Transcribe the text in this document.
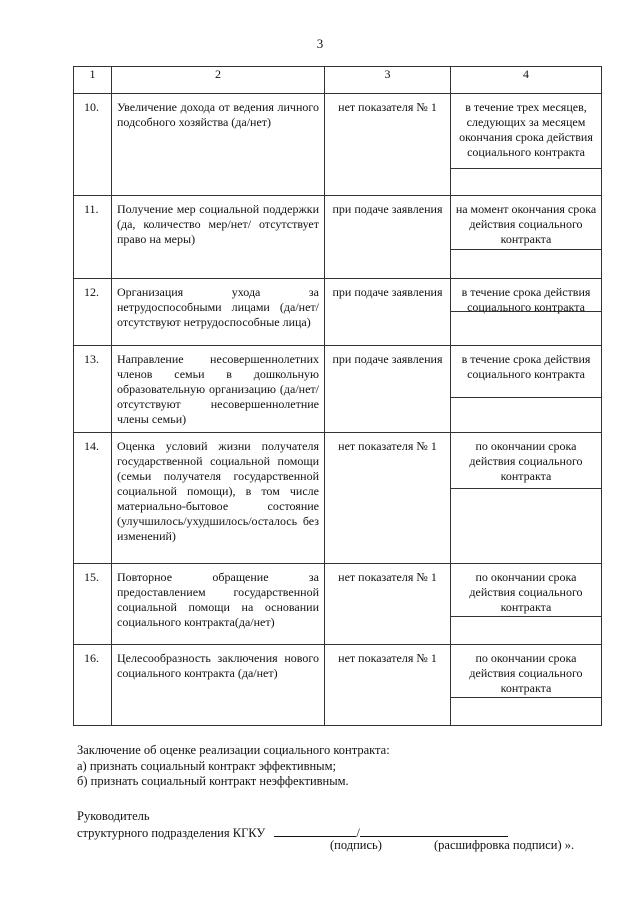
3
1	2	3	4
10.	Увеличение дохода от ведения личного подсобного хозяйства (да/нет)	нет показателя № 1	в течение трех месяцев, следующих за месяцем окончания срока действия социального контракта

11.	Получение мер социальной поддержки (да, количество мер/нет/ отсутствует право на меры)	при подаче заявления	на момент окончания срока действия социального контракта

12.	Организация ухода за нетрудоспособными лицами (да/нет/ отсутствуют нетрудоспособные лица)	при подаче заявления	в течение срока действия социального контракта

13.	Направление несовершеннолетних членов семьи в дошкольную образовательную организацию (да/нет/отсутствуют несовершеннолетние члены семьи)	при подаче заявления	в течение срока действия социального контракта

14.	Оценка условий жизни получателя государственной социальной помощи (семьи получателя государственной социальной помощи), в том числе материально-бытовое состояние (улучшилось/ухудшилось/осталось без изменений)	нет показателя № 1	по окончании срока действия социального контракта

15.	Повторное обращение за предоставлением государственной социальной помощи на основании социального контракта(да/нет)	нет показателя № 1	по окончании срока действия социального контракта

16.	Целесообразность заключения нового социального контракта (да/нет)	нет показателя № 1	по окончании срока действия социального контракта
Заключение об оценке реализации социального контракта:
а) признать социальный контракт эффективным;
б) признать социальный контракт неэффективным.
Руководитель
структурного подразделения КГКУ	/
(подпись)	(расшифровка подписи) ».
